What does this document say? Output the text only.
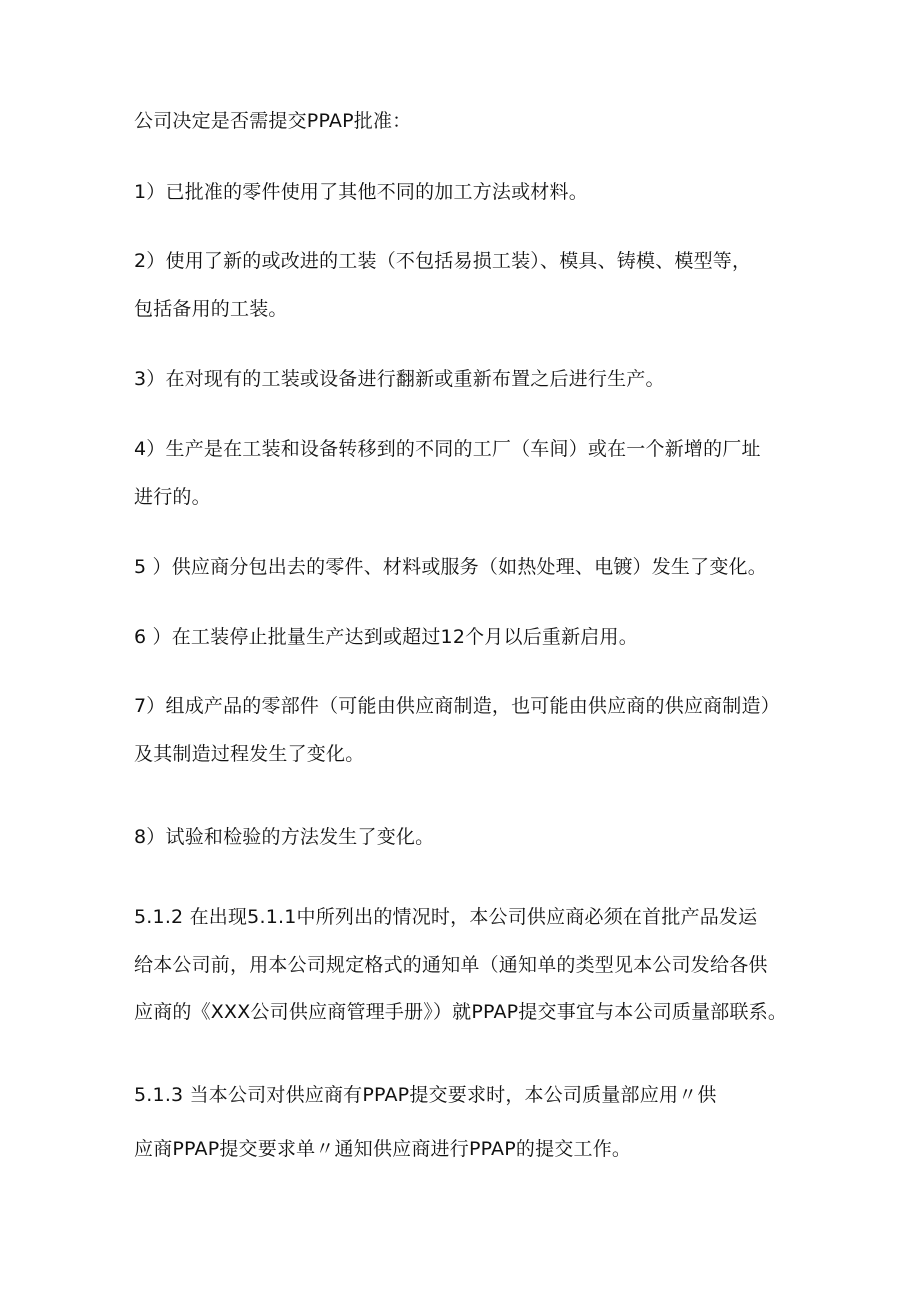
公司决定是否需提交PPAP批准：
1）已批准的零件使用了其他不同的加工方法或材料。
2）使用了新的或改进的工装（不包括易损工装）、模具、铸模、模型等，
包括备用的工装。
3）在对现有的工装或设备进行翻新或重新布置之后进行生产。
4）生产是在工装和设备转移到的不同的工厂（车间）或在一个新增的厂址
进行的。
5 ）供应商分包出去的零件、材料或服务（如热处理、电镀）发生了变化。
6 ）在工装停止批量生产达到或超过12个月以后重新启用。
7）组成产品的零部件（可能由供应商制造，也可能由供应商的供应商制造）
及其制造过程发生了变化。
8）试验和检验的方法发生了变化。
5.1.2 在出现5.1.1中所列出的情况时，本公司供应商必须在首批产品发运
给本公司前，用本公司规定格式的通知单（通知单的类型见本公司发给各供
应商的《XXX公司供应商管理手册》）就PPAP提交事宜与本公司质量部联系。
5.1.3 当本公司对供应商有PPAP提交要求时，本公司质量部应用〃供
应商PPAP提交要求单〃通知供应商进行PPAP的提交工作。
